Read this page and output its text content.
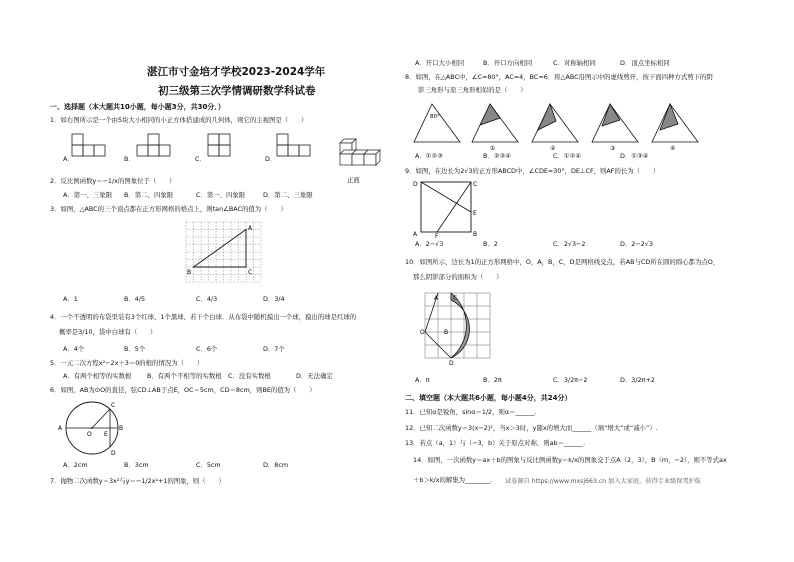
湛江市寸金培才学校2023-2024学年
初三级第三次学情调研数学科试卷
一、选择题（本大题共10小题，每小题3分，共30分．）
1．如右图所示是一个由5块大小相同的小正方体搭建成的几何体，则它的主视图是（　　）
A．	B．	C．	D．
正面
2．反比例函数y＝−1/x的图象位于（　　）
A．第一、三象限 B．第二、四象限	C．第一、四象限	D．第二、三象限
3．如图，△ABC的三个顶点都在正方形网格的格点上，则tan∠BAC的值为（　　）
A
B	C
A．1	B．4/5	C．4/3	D．3/4
4．一个不透明的布袋里装有3个红球、1个黑球、若干个白球．从布袋中随机摸出一个球，摸出的球是红球的
概率是3/10，袋中白球有（　　）
A．4个	B．5个	C．6个	D．7个
5．一元二次方程x²−2x＋3＝0的根的情况为（　　）
A．有两个相等的实数根 B．有两个不相等的实数根 C．没有实数根	D．无法确定
6．如图，AB为⊙O的直径，弦CD⊥AB于点E，OC＝5cm，CD＝8cm，则BE的值为（　　）
A
O E
B
C
D
A．2cm	B．3cm	C．5cm	D．8cm
7．抛物二次函数y＝3x²与y＝−1/2x²+1的图象，则（　　）
A．开口大小相同	B．开口方向相同	C．对称轴相同	D．顶点坐标相同
8．如图，在△ABC中，∠C=80°，AC=4，BC=6．将△ABC沿图示中的虚线剪开，按下面四种方式剪下的阴
影三角形与原三角形相似的是（　　）
80°
①	②	③	④
A．①②③	B．②③④	C．①②④	D．①③④
9．如图，在边长为2√3的正方形ABCD中，∠CDE=30°，DE⊥CF，则AF的长为（　　）
D	C
E
A	F	B
A．2−√3	B．2	C．2√3−2	D．2−2√3
10．如图所示，边长为1的正方形网格中，O，A，B，C，D是网格线交点，若AB与CD所在圆的圆心都为点O，
那么阴影部分的面积为（　　）
A C
O	B
D
A．π	B．2π	C．3/2π−2	D．3/2π+2
二、填空题（本大题共6小题，每小题4分，共24分）
11．已知α是锐角，sinα＝1/2，则α＝______.
12．已知二次函数y＝3(x−2)²，当x＞3时，y随x的增大而______（填“增大”或“减小”）.
13．若点（a，1）与（−3，b）关于原点对称，则ab＝______.
14．如图，一次函数y＝ax＋b的图象与反比例函数y＝k/x的图象交于点A（2，3），B（m，−2），则不等式ax
＋b＞k/x的解集为________． 试卷源自 https://www.mxsj663.cn 加入大家庭，获得专业级保驾护航
